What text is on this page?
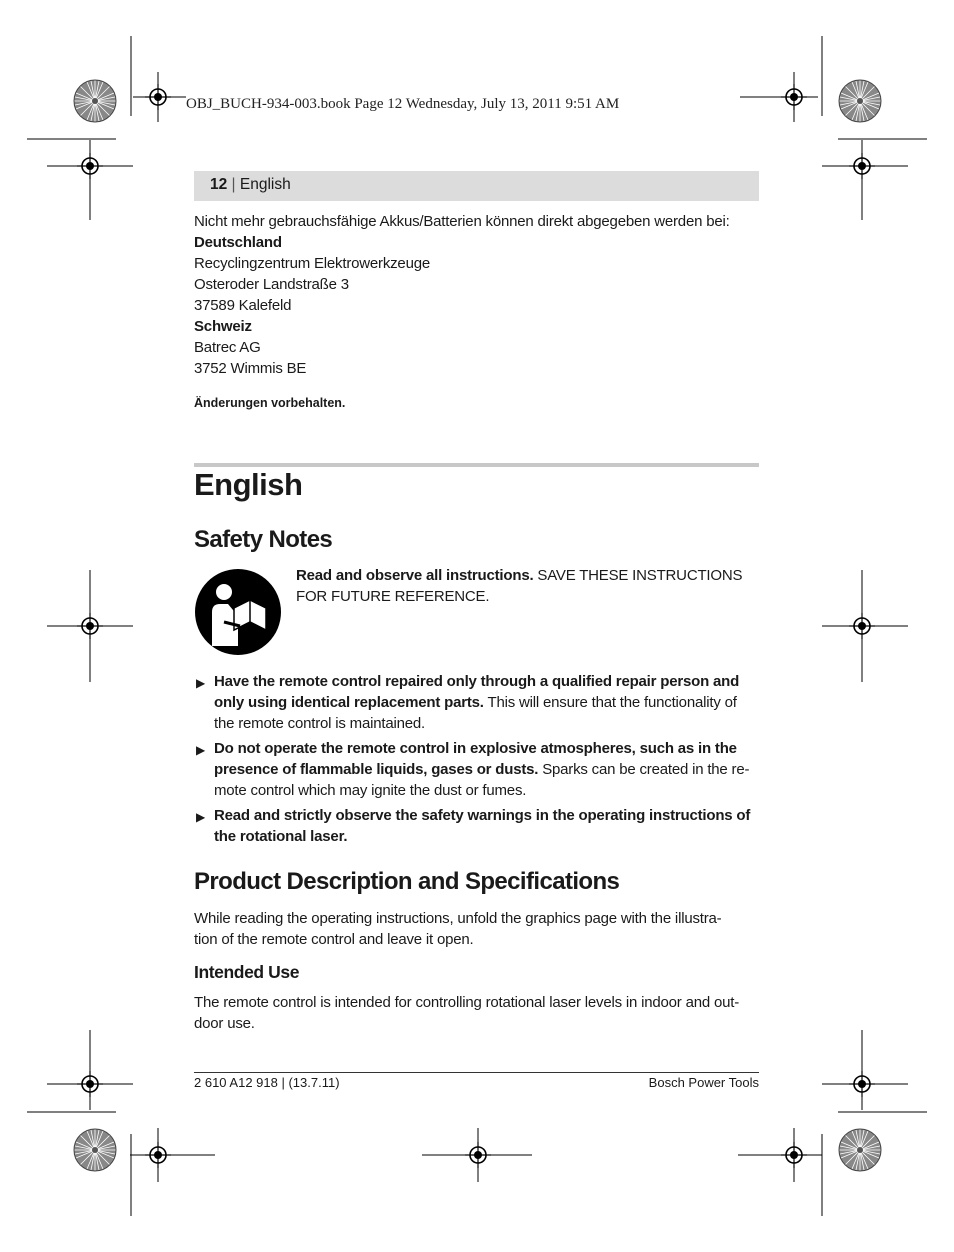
OBJ_BUCH-934-003.book Page 12 Wednesday, July 13, 2011 9:51 AM
12 | English
Nicht mehr gebrauchsfähige Akkus/Batterien können direkt abgegeben werden bei:
Deutschland
Recyclingzentrum Elektrowerkzeuge
Osteroder Landstraße 3
37589 Kalefeld
Schweiz
Batrec AG
3752 Wimmis BE
Änderungen vorbehalten.
English
Safety Notes
Read and observe all instructions. SAVE THESE INSTRUCTIONS
FOR FUTURE REFERENCE.
▶ Have the remote control repaired only through a qualified repair person and
only using identical replacement parts. This will ensure that the functionality of
the remote control is maintained.
▶ Do not operate the remote control in explosive atmospheres, such as in the
presence of flammable liquids, gases or dusts. Sparks can be created in the re-
mote control which may ignite the dust or fumes.
▶ Read and strictly observe the safety warnings in the operating instructions of
the rotational laser.
Product Description and Specifications
While reading the operating instructions, unfold the graphics page with the illustra-
tion of the remote control and leave it open.
Intended Use
The remote control is intended for controlling rotational laser levels in indoor and out-
door use.
2 610 A12 918 | (13.7.11)	Bosch Power Tools
